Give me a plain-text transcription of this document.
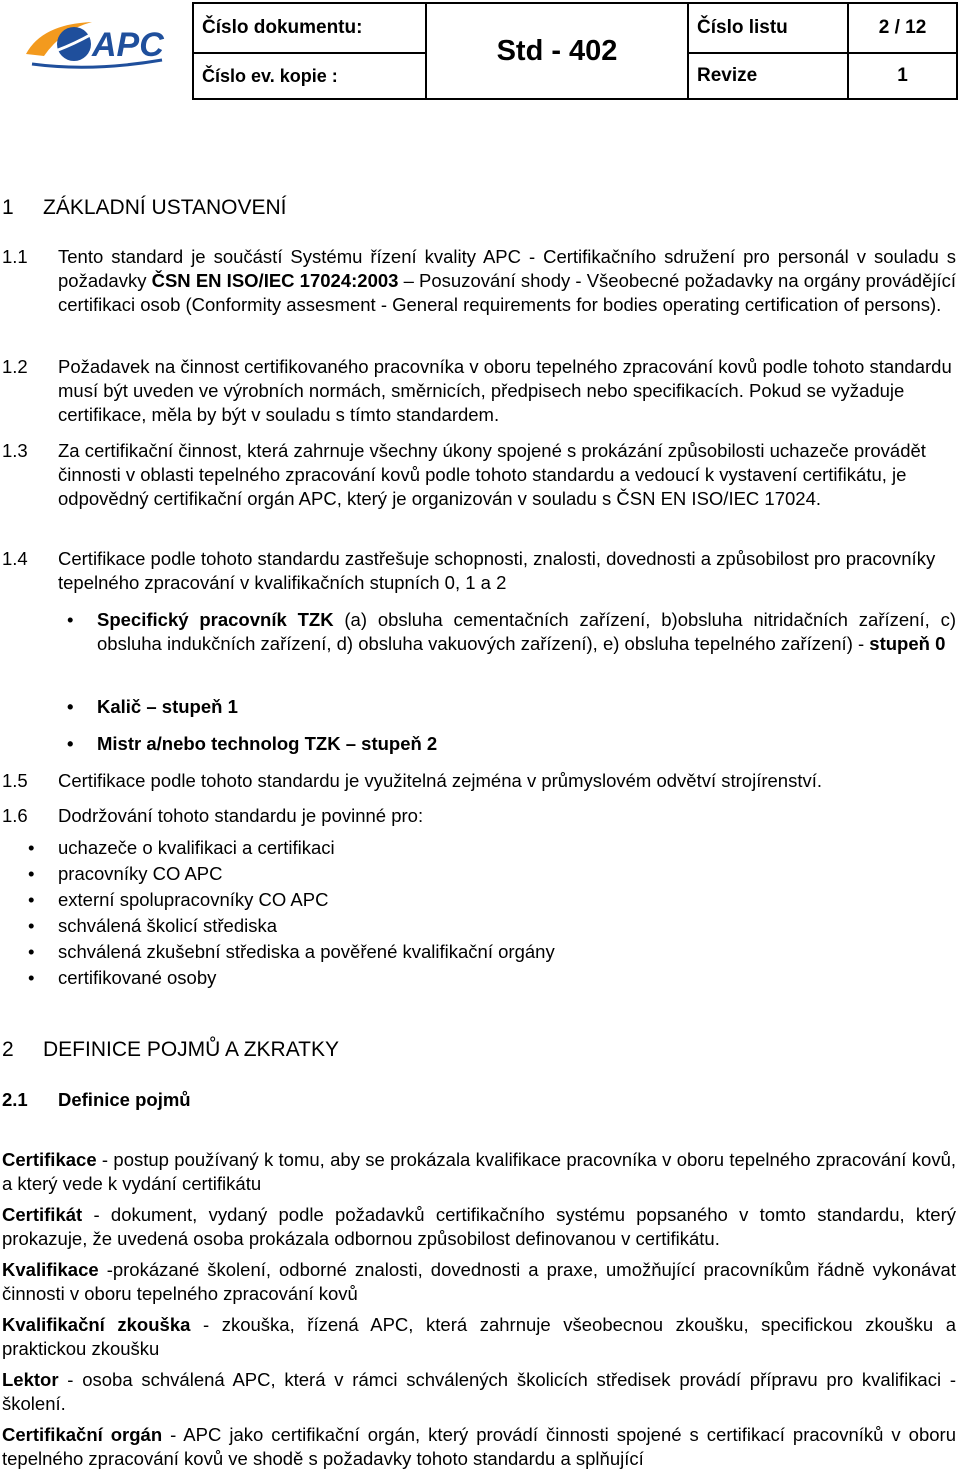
APC Číslo dokumentu:
Číslo ev. kopie :
Std - 402
Číslo listu	2 / 12
Revize	1
1 ZÁKLADNÍ USTANOVENÍ
1.1 Tento standard je součástí Systému řízení kvality APC - Certifikačního sdružení pro personál v souladu s požadavky ČSN EN ISO/IEC 17024:2003 – Posuzování shody - Všeobecné požadavky na orgány provádějící certifikaci osob (Conformity assesment - General requirements for bodies operating certification of persons).
1.2 Požadavek na činnost certifikovaného pracovníka v oboru tepelného zpracování kovů podle tohoto standardu musí být uveden ve výrobních normách, směrnicích, předpisech nebo specifikacích. Pokud se vyžaduje certifikace, měla by být v souladu s tímto standardem.
1.3 Za certifikační činnost, která zahrnuje všechny úkony spojené s prokázání způsobilosti uchazeče provádět činnosti v oblasti tepelného zpracování kovů podle tohoto standardu a vedoucí k vystavení certifikátu, je odpovědný certifikační orgán APC, který je organizován v souladu s ČSN EN ISO/IEC 17024.
1.4 Certifikace podle tohoto standardu zastřešuje schopnosti, znalosti, dovednosti a způsobilost pro pracovníky tepelného zpracování v kvalifikačních stupních 0, 1 a 2
• Specifický pracovník TZK (a) obsluha cementačních zařízení, b)obsluha nitridačních zařízení, c) obsluha indukčních zařízení, d) obsluha vakuových zařízení), e) obsluha tepelného zařízení) - stupeň 0
• Kalič – stupeň 1
• Mistr a/nebo technolog TZK – stupeň 2
1.5 Certifikace podle tohoto standardu je využitelná zejména v průmyslovém odvětví strojírenství.
1.6 Dodržování tohoto standardu je povinné pro:
• uchazeče o kvalifikaci a certifikaci
• pracovníky CO APC
• externí spolupracovníky CO APC
• schválená školicí střediska
• schválená zkušební střediska a pověřené kvalifikační orgány
• certifikované osoby
2 DEFINICE POJMŮ A ZKRATKY
2.1 Definice pojmů

Certifikace - postup používaný k tomu, aby se prokázala kvalifikace pracovníka v oboru tepelného zpracování kovů, a který vede k vydání certifikátu

Certifikát - dokument, vydaný podle požadavků certifikačního systému popsaného v tomto standardu, který prokazuje, že uvedená osoba prokázala odbornou způsobilost definovanou v certifikátu.

Kvalifikace -prokázané školení, odborné znalosti, dovednosti a praxe, umožňující pracovníkům řádně vykonávat činnosti v oboru tepelného zpracování kovů

Kvalifikační zkouška - zkouška, řízená APC, která zahrnuje všeobecnou zkoušku, specifickou zkoušku a praktickou zkoušku

Lektor - osoba schválená APC, která v rámci schválených školicích středisek provádí přípravu pro kvalifikaci - školení.

Certifikační orgán - APC jako certifikační orgán, který provádí činnosti spojené s certifikací pracovníků v oboru tepelného zpracování kovů ve shodě s požadavky tohoto standardu a splňující
